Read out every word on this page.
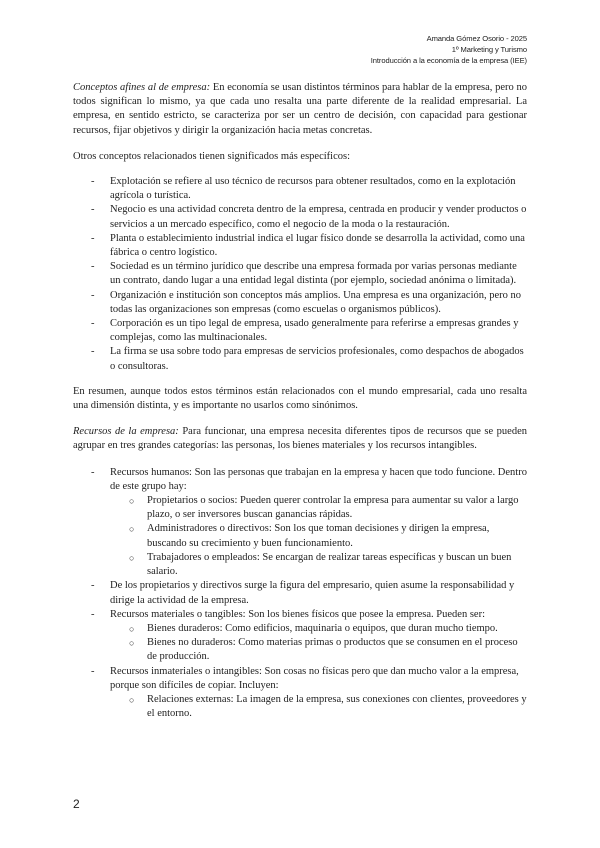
Amanda Gómez Osorio - 2025
1º Marketing y Turismo
Introducción a la economía de la empresa (IEE)

Conceptos afines al de empresa: En economía se usan distintos términos para hablar de la empresa, pero no todos significan lo mismo, ya que cada uno resalta una parte diferente de la realidad empresarial. La empresa, en sentido estricto, se caracteriza por ser un centro de decisión, con capacidad para gestionar recursos, fijar objetivos y dirigir la organización hacia metas concretas.

Otros conceptos relacionados tienen significados más específicos:

- Explotación se refiere al uso técnico de recursos para obtener resultados, como en la explotación agrícola o turística.
- Negocio es una actividad concreta dentro de la empresa, centrada en producir y vender productos o servicios a un mercado específico, como el negocio de la moda o la restauración.
- Planta o establecimiento industrial indica el lugar físico donde se desarrolla la actividad, como una fábrica o centro logístico.
- Sociedad es un término jurídico que describe una empresa formada por varias personas mediante un contrato, dando lugar a una entidad legal distinta (por ejemplo, sociedad anónima o limitada).
- Organización e institución son conceptos más amplios. Una empresa es una organización, pero no todas las organizaciones son empresas (como escuelas o organismos públicos).
- Corporación es un tipo legal de empresa, usado generalmente para referirse a empresas grandes y complejas, como las multinacionales.
- La firma se usa sobre todo para empresas de servicios profesionales, como despachos de abogados o consultoras.

En resumen, aunque todos estos términos están relacionados con el mundo empresarial, cada uno resalta una dimensión distinta, y es importante no usarlos como sinónimos.

Recursos de la empresa: Para funcionar, una empresa necesita diferentes tipos de recursos que se pueden agrupar en tres grandes categorías: las personas, los bienes materiales y los recursos intangibles.

- Recursos humanos: Son las personas que trabajan en la empresa y hacen que todo funcione. Dentro de este grupo hay:
○ Propietarios o socios: Pueden querer controlar la empresa para aumentar su valor a largo plazo, o ser inversores buscan ganancias rápidas.
○ Administradores o directivos: Son los que toman decisiones y dirigen la empresa, buscando su crecimiento y buen funcionamiento.
○ Trabajadores o empleados: Se encargan de realizar tareas específicas y buscan un buen salario.
- De los propietarios y directivos surge la figura del empresario, quien asume la responsabilidad y dirige la actividad de la empresa.
- Recursos materiales o tangibles: Son los bienes físicos que posee la empresa. Pueden ser:
○ Bienes duraderos: Como edificios, maquinaria o equipos, que duran mucho tiempo.
○ Bienes no duraderos: Como materias primas o productos que se consumen en el proceso de producción.
- Recursos inmateriales o intangibles: Son cosas no físicas pero que dan mucho valor a la empresa, porque son difíciles de copiar. Incluyen:
○ Relaciones externas: La imagen de la empresa, sus conexiones con clientes, proveedores y el entorno.
2
